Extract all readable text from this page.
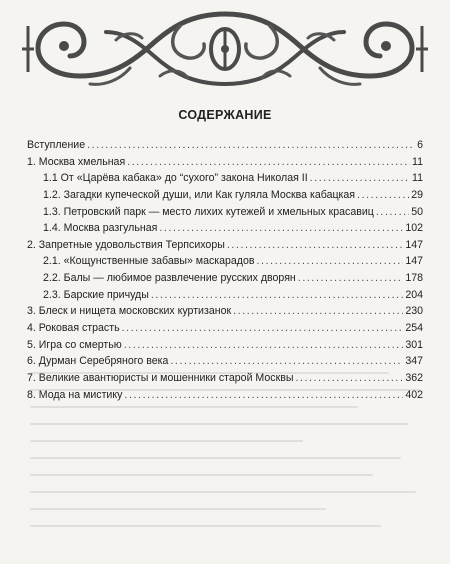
СОДЕРЖАНИЕ
Вступление .....	6
1. Москва хмельная .....	11
1.1 От «Царёва кабака» до “сухого” закона Николая II .....	11
1.2. Загадки купеческой души, или Как гуляла Москва кабацкая .....	29
1.3. Петровский парк — место лихих кутежей и хмельных красавиц .....	50
1.4. Москва разгульная .....	102
2. Запретные удовольствия Терпсихоры .....	147
2.1. «Кощунственные забавы» маскарадов .....	147
2.2. Балы — любимое развлечение русских дворян .....	178
2.3. Барские причуды .....	204
3. Блеск и нищета московских куртизанок .....	230
4. Роковая страсть .....	254
5. Игра со смертью .....	301
6. Дурман Серебряного века .....	347
7. Великие авантюристы и мошенники старой Москвы .....	362
8. Мода на мистику .....	402
